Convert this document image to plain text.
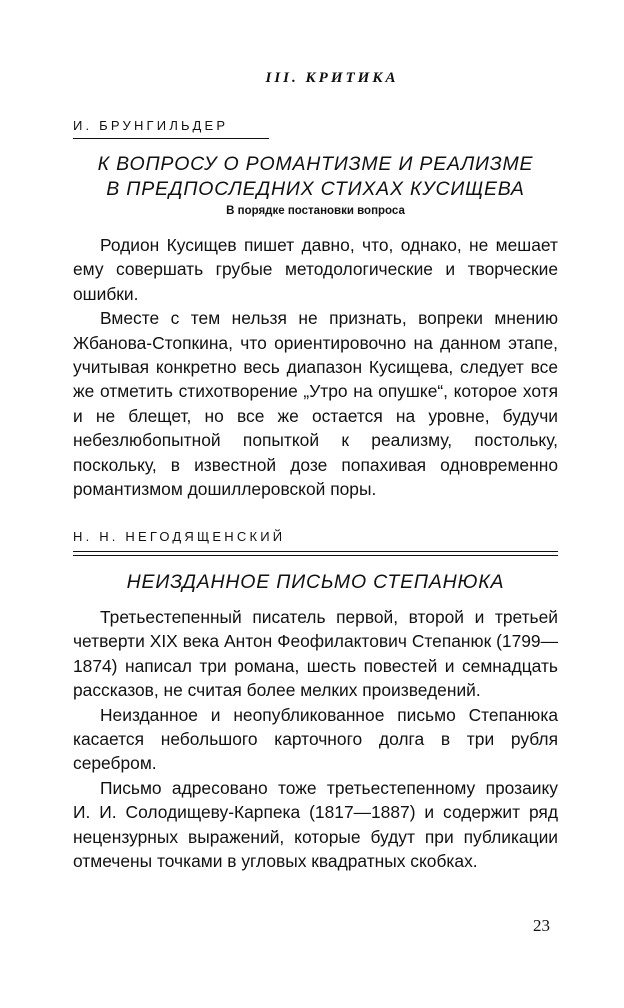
III. КРИТИКА
И. БРУНГИЛЬДЕР
К ВОПРОСУ О РОМАНТИЗМЕ И РЕАЛИЗМЕ
В ПРЕДПОСЛЕДНИХ СТИХАХ КУСИЩЕВА
В порядке постановки вопроса

Родион Кусищев пишет давно, что, однако, не мешает ему совершать грубые методологические и творческие ошибки.

Вместе с тем нельзя не признать, вопреки мнению Жбанова-Стопкина, что ориентировочно на данном этапе, учитывая конкретно весь диапазон Кусищева, следует все же отметить стихотворение „Утро на опушке“, которое хотя и не блещет, но все же остается на уровне, будучи небезлюбопытной попыткой к реализму, постольку, поскольку, в известной дозе попахивая одновременно романтизмом дошиллеровской поры.

Н. Н. НЕГОДЯЩЕНСКИЙ
НЕИЗДАННОЕ ПИСЬМО СТЕПАНЮКА

Третьестепенный писатель первой, второй и третьей четверти XIX века Антон Феофилактович Степанюк (1799—1874) написал три романа, шесть повестей и семнадцать рассказов, не считая более мелких произведений.

Неизданное и неопубликованное письмо Степанюка касается небольшого карточного долга в три рубля серебром.

Письмо адресовано тоже третьестепенному прозаику И. И. Солодищеву-Карпека (1817—1887) и содержит ряд нецензурных выражений, которые будут при публикации отмечены точками в угловых квадратных скобках.

23
